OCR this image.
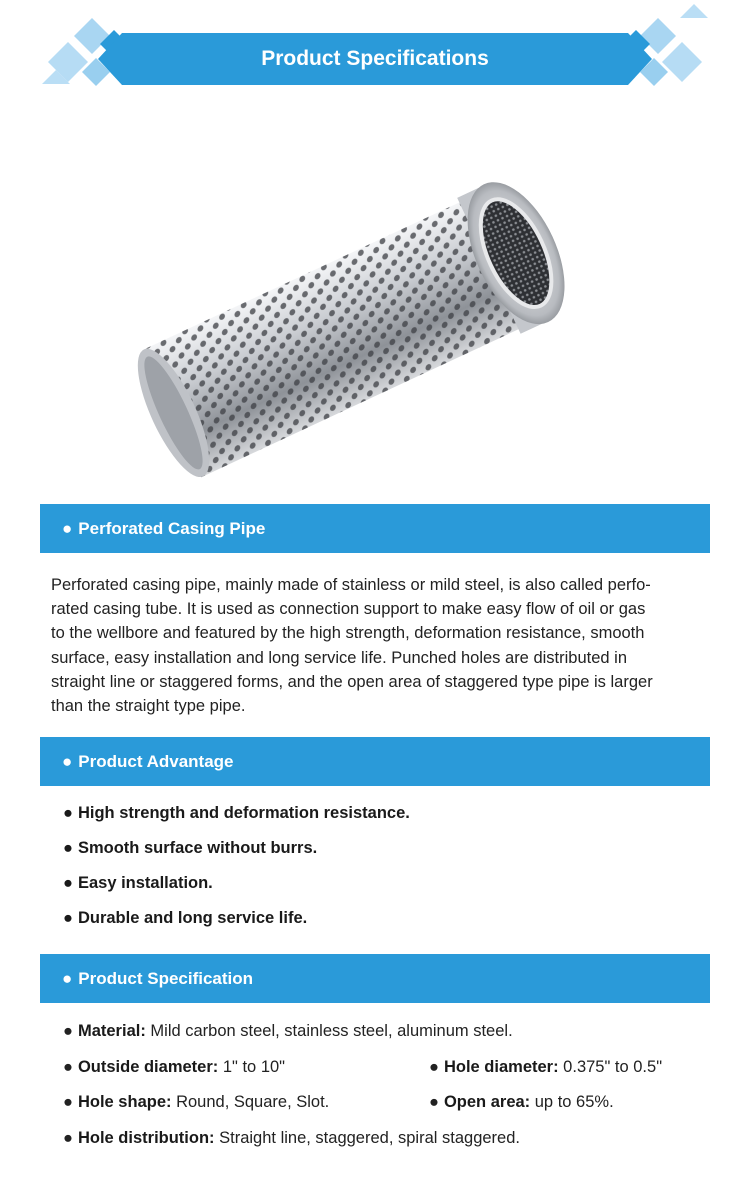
Product Specifications
● Perforated Casing Pipe
Perforated casing pipe, mainly made of stainless or mild steel, is also called perfo-
rated casing tube. It is used as connection support to make easy flow of oil or gas
to the wellbore and featured by the high strength, deformation resistance, smooth
surface, easy installation and long service life. Punched holes are distributed in
straight line or staggered forms, and the open area of staggered type pipe is larger
than the straight type pipe.
● Product Advantage
● High strength and deformation resistance.
● Smooth surface without burrs.
● Easy installation.
● Durable and long service life.
● Product Specification
● Material: Mild carbon steel, stainless steel, aluminum steel.
● Outside diameter: 1" to 10"	● Hole diameter: 0.375" to 0.5"
● Hole shape: Round, Square, Slot.	● Open area: up to 65%.
● Hole distribution: Straight line, staggered, spiral staggered.
